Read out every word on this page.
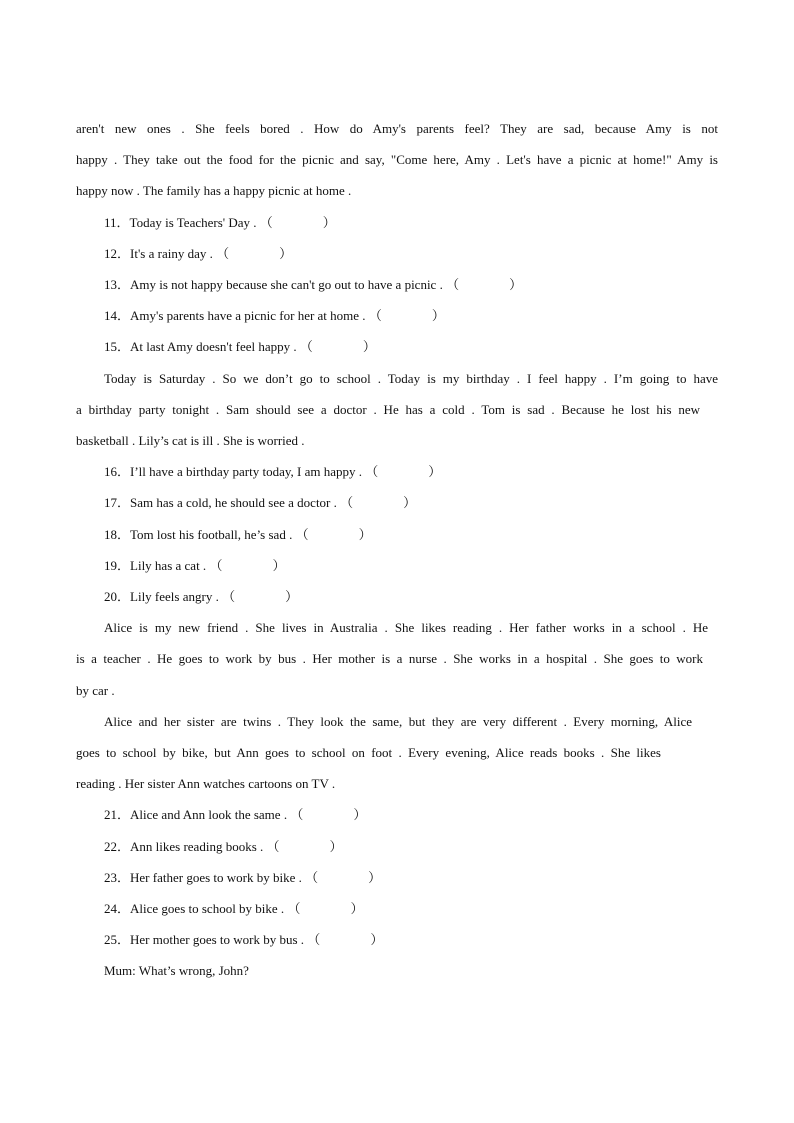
aren't new ones . She feels bored . How do Amy's parents feel? They are sad, because Amy is not
happy . They take out the food for the picnic and say, "Come here, Amy . Let's have a picnic at home!" Amy is
happy now . The family has a happy picnic at home .
11．Today is Teachers' Day . （	）
12．It's a rainy day . （	）
13．Amy is not happy because she can't go out to have a picnic . （	）
14．Amy's parents have a picnic for her at home . （	）
15．At last Amy doesn't feel happy . （	）
Today is Saturday . So we don’t go to school . Today is my birthday . I feel happy . I’m going to have
a birthday party tonight . Sam should see a doctor . He has a cold . Tom is sad . Because he lost his new
basketball . Lily’s cat is ill . She is worried .
16．I’ll have a birthday party today, I am happy . （	）
17．Sam has a cold, he should see a doctor . （	）
18．Tom lost his football, he’s sad . （	）
19．Lily has a cat . （	）
20．Lily feels angry . （	）
Alice is my new friend . She lives in Australia . She likes reading . Her father works in a school . He
is a teacher . He goes to work by bus . Her mother is a nurse . She works in a hospital . She goes to work
by car .
Alice and her sister are twins . They look the same, but they are very different . Every morning, Alice
goes to school by bike, but Ann goes to school on foot . Every evening, Alice reads books . She likes
reading . Her sister Ann watches cartoons on TV .
21．Alice and Ann look the same . （	）
22．Ann likes reading books . （	）
23．Her father goes to work by bike . （	）
24．Alice goes to school by bike . （	）
25．Her mother goes to work by bus . （	）
Mum: What’s wrong, John?
